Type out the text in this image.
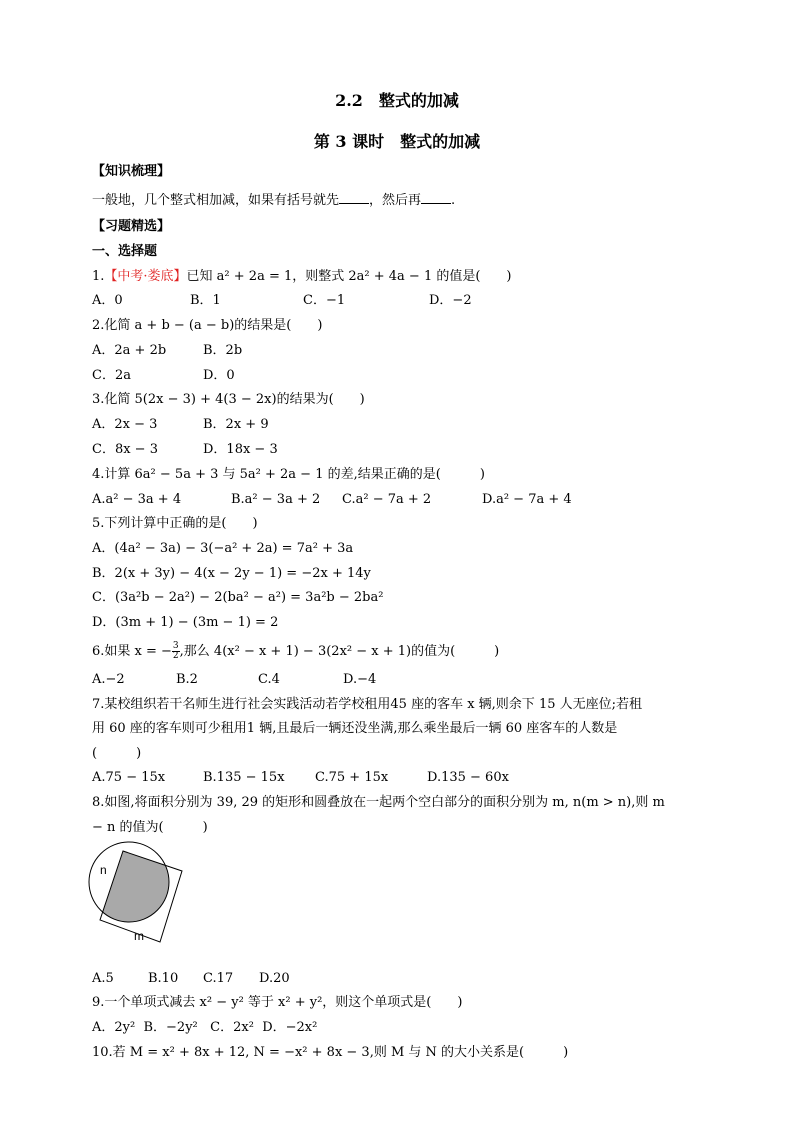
2.2　整式的加减
第 3 课时　整式的加减
【知识梳理】
一般地，几个整式相加减，如果有括号就先 ，然后再 .
【习题精选】
一、选择题
1.【中考·娄底】已知 a² + 2a = 1，则整式 2a² + 4a − 1 的值是(　　)
A．0	B．1	C．−1	D．−2
2.化简 a + b − (a − b)的结果是(　　)
A．2a + 2b	B．2b
C．2a	D．0
3.化简 5(2x − 3) + 4(3 − 2x)的结果为(　　)
A．2x − 3	B．2x + 9
C．8x − 3	D．18x − 3
4.计算 6a² − 5a + 3 与 5a² + 2a − 1 的差,结果正确的是(　　　)
A.a² − 3a + 4	B.a² − 3a + 2 C.a² − 7a + 2	D.a² − 7a + 4
5.下列计算中正确的是(　　)
A．(4a² − 3a) − 3(−a² + 2a) = 7a² + 3a
B．2(x + 3y) − 4(x − 2y − 1) = −2x + 14y
C．(3a²b − 2a²) − 2(ba² − a²) = 3a²b − 2ba²
D．(3m + 1) − (3m − 1) = 2
6.如果 x = − $\frac{3}{2}$ ,那么 4(x² − x + 1) − 3(2x² − x + 1)的值为(　　　)
A.−2	B.2	C.4	D.−4
7.某校组织若干名师生进行社会实践活动若学校租用45 座的客车 x 辆,则余下 15 人无座位;若租
用 60 座的客车则可少租用1 辆,且最后一辆还没坐满,那么乘坐最后一辆 60 座客车的人数是
(　　　)
A.75 − 15x	B.135 − 15x C.75 + 15x	D.135 − 60x
8.如图,将面积分别为 39, 29 的矩形和圆叠放在一起两个空白部分的面积分别为 m, n(m > n),则 m
− n 的值为(　　　)
n
m
A.5	B.10 C.17 D.20
9.一个单项式减去 x² − y² 等于 x² + y²，则这个单项式是(　　)
A．2y² B．−2y² C．2x² D．−2x²
10.若 M = x² + 8x + 12, N = −x² + 8x − 3,则 M 与 N 的大小关系是(　　　)
